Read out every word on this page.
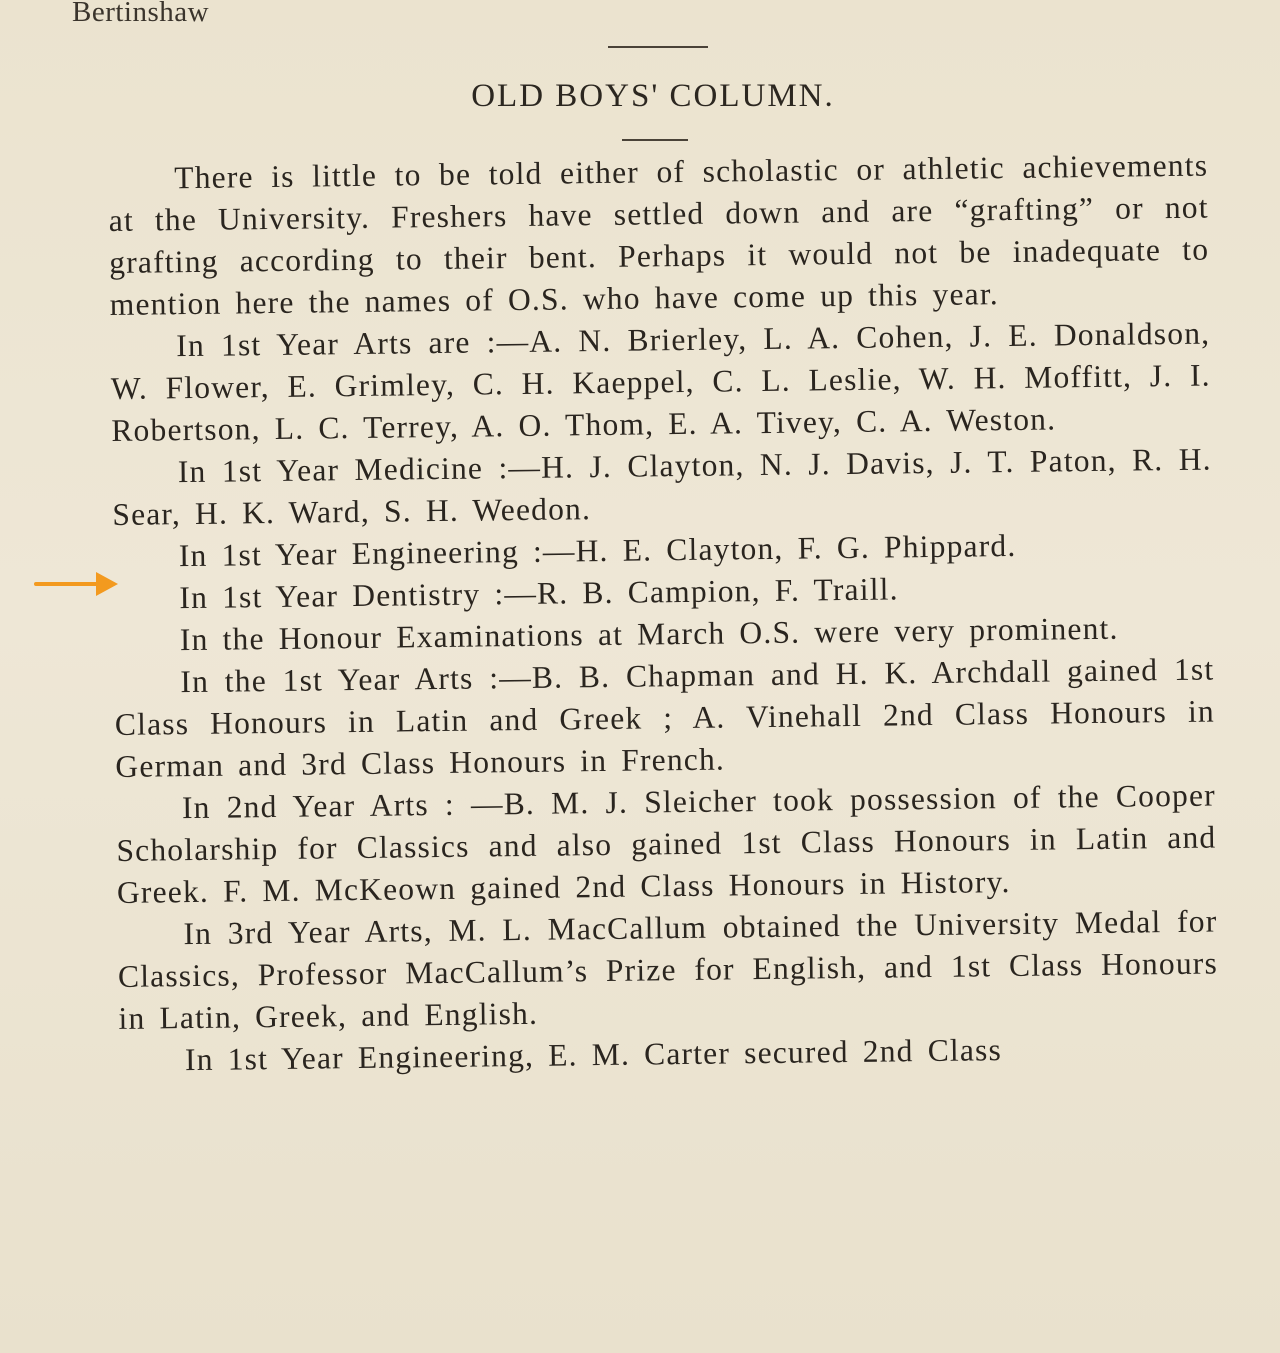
Bertinshaw

OLD BOYS' COLUMN.

There is little to be told either of scholastic or athletic achievements at the University. Freshers have settled down and are “grafting” or not grafting according to their bent. Perhaps it would not be inadequate to mention here the names of O.S. who have come up this year.

In 1st Year Arts are :—A. N. Brierley, L. A. Cohen, J. E. Donaldson, W. Flower, E. Grimley, C. H. Kaeppel, C. L. Leslie, W. H. Moffitt, J. I. Robertson, L. C. Terrey, A. O. Thom, E. A. Tivey, C. A. Weston.

In 1st Year Medicine :—H. J. Clayton, N. J. Davis, J. T. Paton, R. H. Sear, H. K. Ward, S. H. Weedon.

In 1st Year Engineering :—H. E. Clayton, F. G. Phippard.

In 1st Year Dentistry :—R. B. Campion, F. Traill.

In the Honour Examinations at March O.S. were very prominent.

In the 1st Year Arts :—B. B. Chapman and H. K. Archdall gained 1st Class Honours in Latin and Greek ; A. Vinehall 2nd Class Honours in German and 3rd Class Honours in French.

In 2nd Year Arts : —B. M. J. Sleicher took possession of the Cooper Scholarship for Classics and also gained 1st Class Honours in Latin and Greek. F. M. McKeown gained 2nd Class Honours in History.

In 3rd Year Arts, M. L. MacCallum obtained the University Medal for Classics, Professor MacCallum’s Prize for English, and 1st Class Honours in Latin, Greek, and English.

In 1st Year Engineering, E. M. Carter secured 2nd Class
